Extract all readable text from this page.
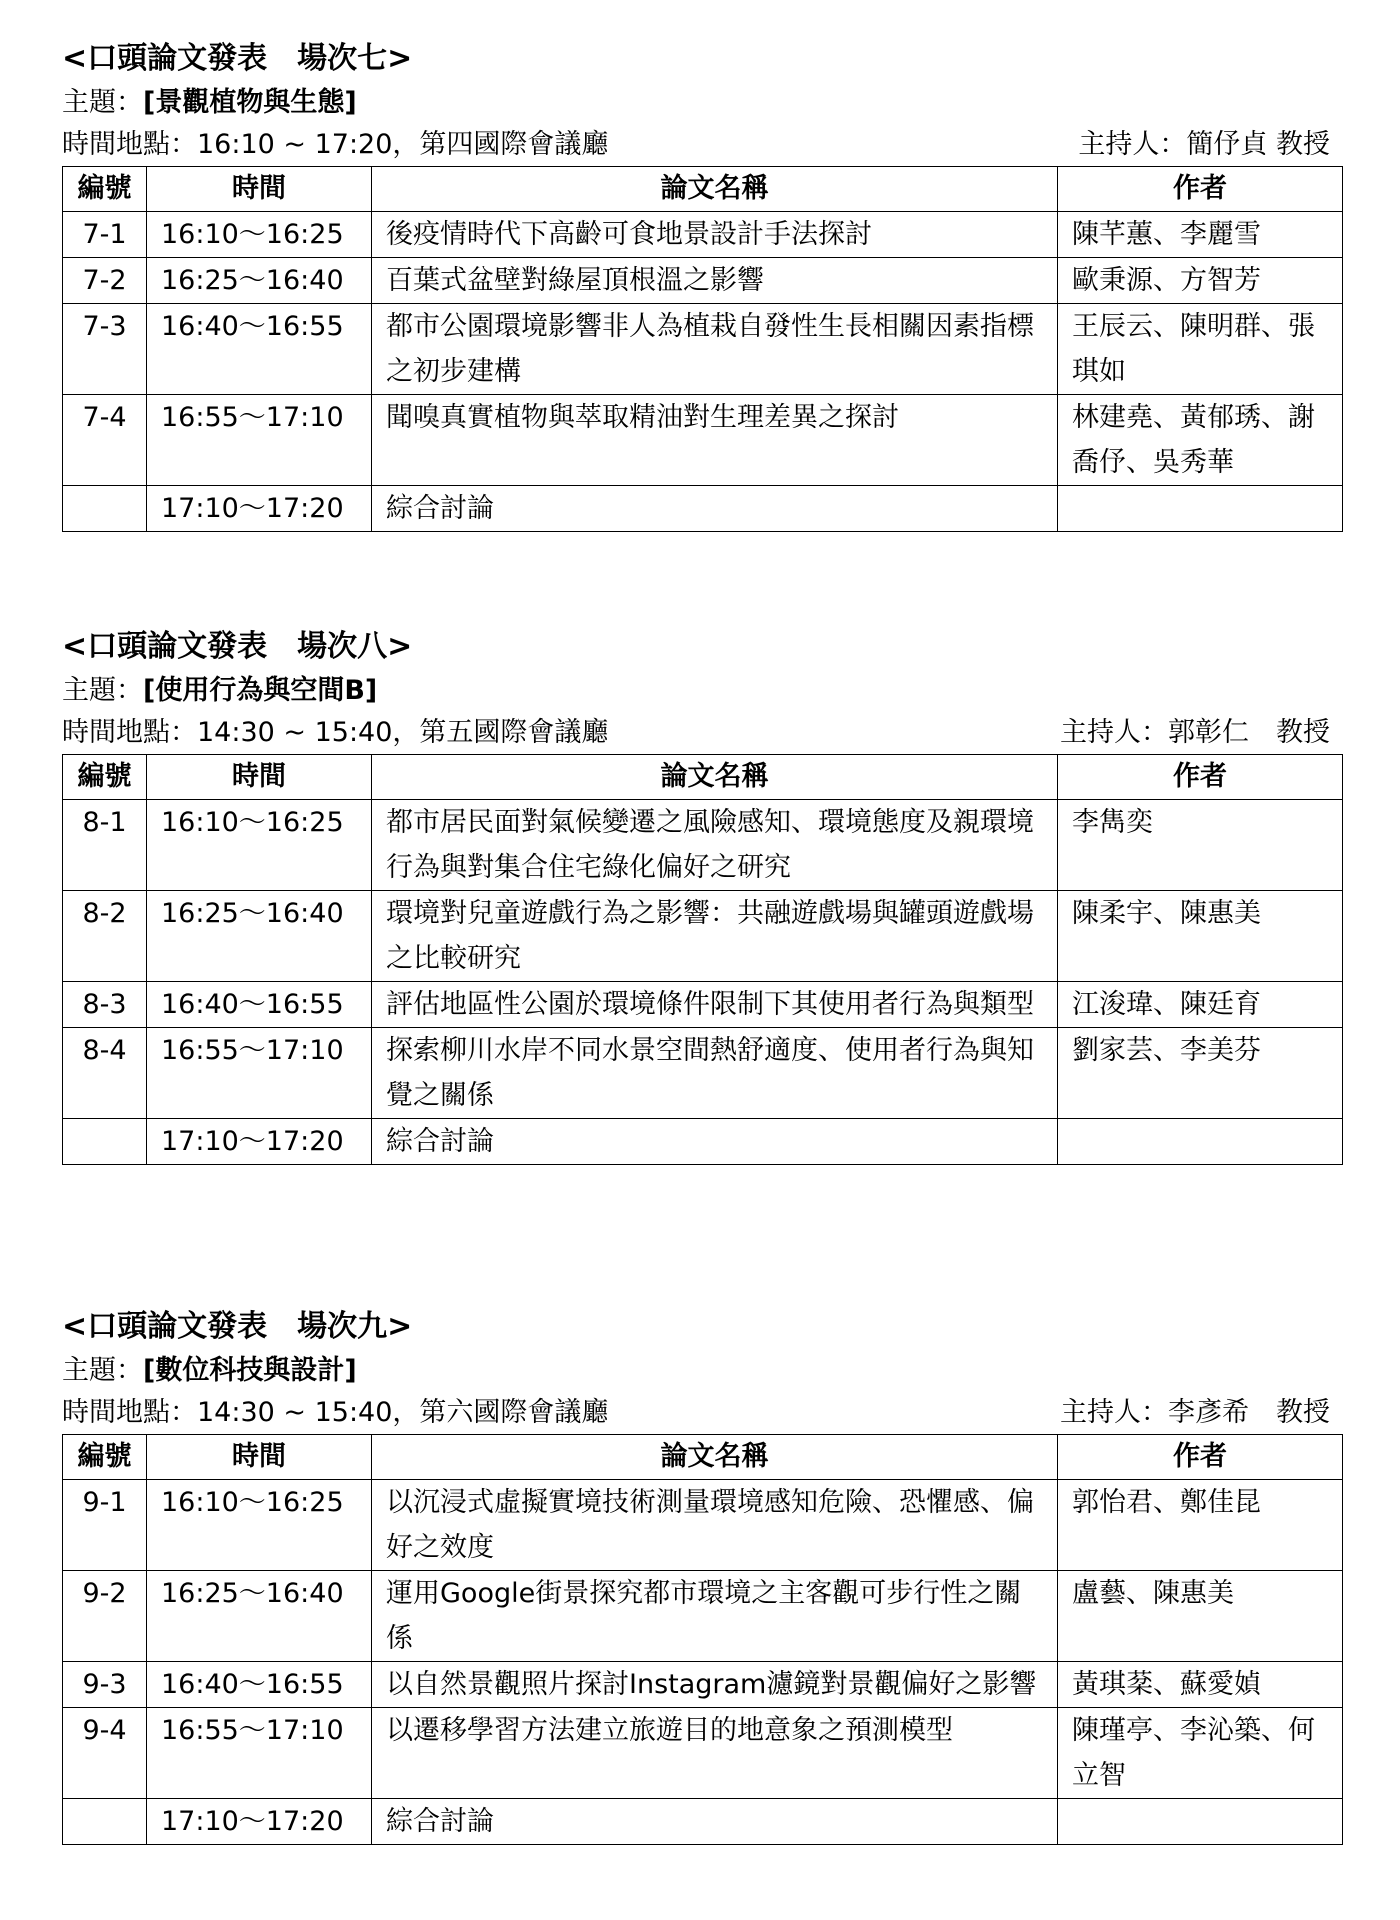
<口頭論文發表　場次七>
主題：[景觀植物與生態]
時間地點：16:10 ~ 17:20，第四國際會議廳	主持人：簡伃貞 教授
編號	時間	論文名稱	作者
7-1	16:10～16:25	後疫情時代下高齡可食地景設計手法探討	陳芊蕙、李麗雪
7-2	16:25～16:40	百葉式盆壁對綠屋頂根溫之影響	歐秉源、方智芳
7-3	16:40～16:55	都市公園環境影響非人為植栽自發性生長相關因素指標之初步建構	王辰云、陳明群、張琪如
7-4	16:55～17:10	聞嗅真實植物與萃取精油對生理差異之探討	林建堯、黃郁琇、謝喬伃、吳秀華
	17:10～17:20	綜合討論	
<口頭論文發表　場次八>
主題：[使用行為與空間B]
時間地點：14:30 ~ 15:40，第五國際會議廳	主持人：郭彰仁　教授
編號	時間	論文名稱	作者
8-1	16:10～16:25	都市居民面對氣候變遷之風險感知、環境態度及親環境行為與對集合住宅綠化偏好之研究	李雋奕
8-2	16:25～16:40	環境對兒童遊戲行為之影響：共融遊戲場與罐頭遊戲場之比較研究	陳柔宇、陳惠美
8-3	16:40～16:55	評估地區性公園於環境條件限制下其使用者行為與類型	江浚瑋、陳廷育
8-4	16:55～17:10	探索柳川水岸不同水景空間熱舒適度、使用者行為與知覺之關係	劉家芸、李美芬
	17:10～17:20	綜合討論	
<口頭論文發表　場次九>
主題：[數位科技與設計]
時間地點：14:30 ~ 15:40，第六國際會議廳	主持人：李彥希　教授
編號	時間	論文名稱	作者
9-1	16:10～16:25	以沉浸式虛擬實境技術測量環境感知危險、恐懼感、偏好之效度	郭怡君、鄭佳昆
9-2	16:25～16:40	運用Google街景探究都市環境之主客觀可步行性之關係	盧藝、陳惠美
9-3	16:40～16:55	以自然景觀照片探討Instagram濾鏡對景觀偏好之影響	黃琪棻、蘇愛媜
9-4	16:55～17:10	以遷移學習方法建立旅遊目的地意象之預測模型	陳瑾亭、李沁築、何立智
	17:10～17:20	綜合討論	
